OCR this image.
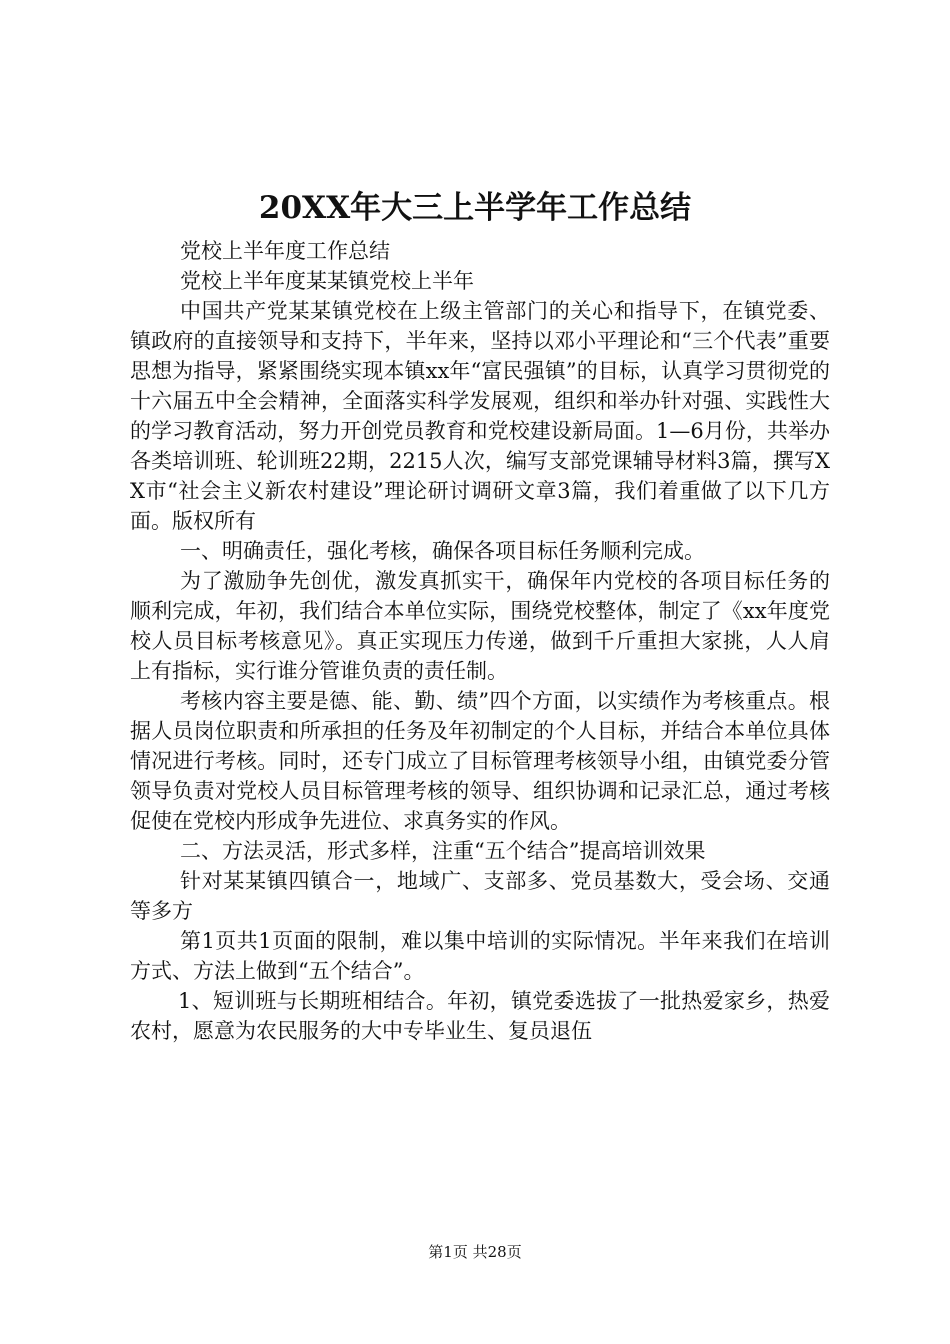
20XX年大三上半学年工作总结

党校上半年度工作总结

党校上半年度某某镇党校上半年

中国共产党某某镇党校在上级主管部门的关心和指导下，在镇党委、镇政府的直接领导和支持下，半年来，坚持以邓小平理论和“三个代表”重要思想为指导，紧紧围绕实现本镇xx年“富民强镇”的目标，认真学习贯彻党的十六届五中全会精神，全面落实科学发展观，组织和举办针对强、实践性大的学习教育活动，努力开创党员教育和党校建设新局面。1—6月份，共举办各类培训班、轮训班22期，2215人次，编写支部党课辅导材料3篇，撰写XX市“社会主义新农村建设”理论研讨调研文章3篇，我们着重做了以下几方面。版权所有

一、明确责任，强化考核，确保各项目标任务顺利完成。

为了激励争先创优，激发真抓实干，确保年内党校的各项目标任务的顺利完成，年初，我们结合本单位实际，围绕党校整体，制定了《xx年度党校人员目标考核意见》。真正实现压力传递，做到千斤重担大家挑，人人肩上有指标，实行谁分管谁负责的责任制。

考核内容主要是德、能、勤、绩”四个方面，以实绩作为考核重点。根据人员岗位职责和所承担的任务及年初制定的个人目标，并结合本单位具体情况进行考核。同时，还专门成立了目标管理考核领导小组，由镇党委分管领导负责对党校人员目标管理考核的领导、组织协调和记录汇总，通过考核促使在党校内形成争先进位、求真务实的作风。

二、方法灵活，形式多样，注重“五个结合”提高培训效果

针对某某镇四镇合一，地域广、支部多、党员基数大，受会场、交通等多方

第1页共1页面的限制，难以集中培训的实际情况。半年来我们在培训方式、方法上做到“五个结合”。

1、短训班与长期班相结合。年初，镇党委选拔了一批热爱家乡，热爱农村，愿意为农民服务的大中专毕业生、复员退伍

第1页 共28页
